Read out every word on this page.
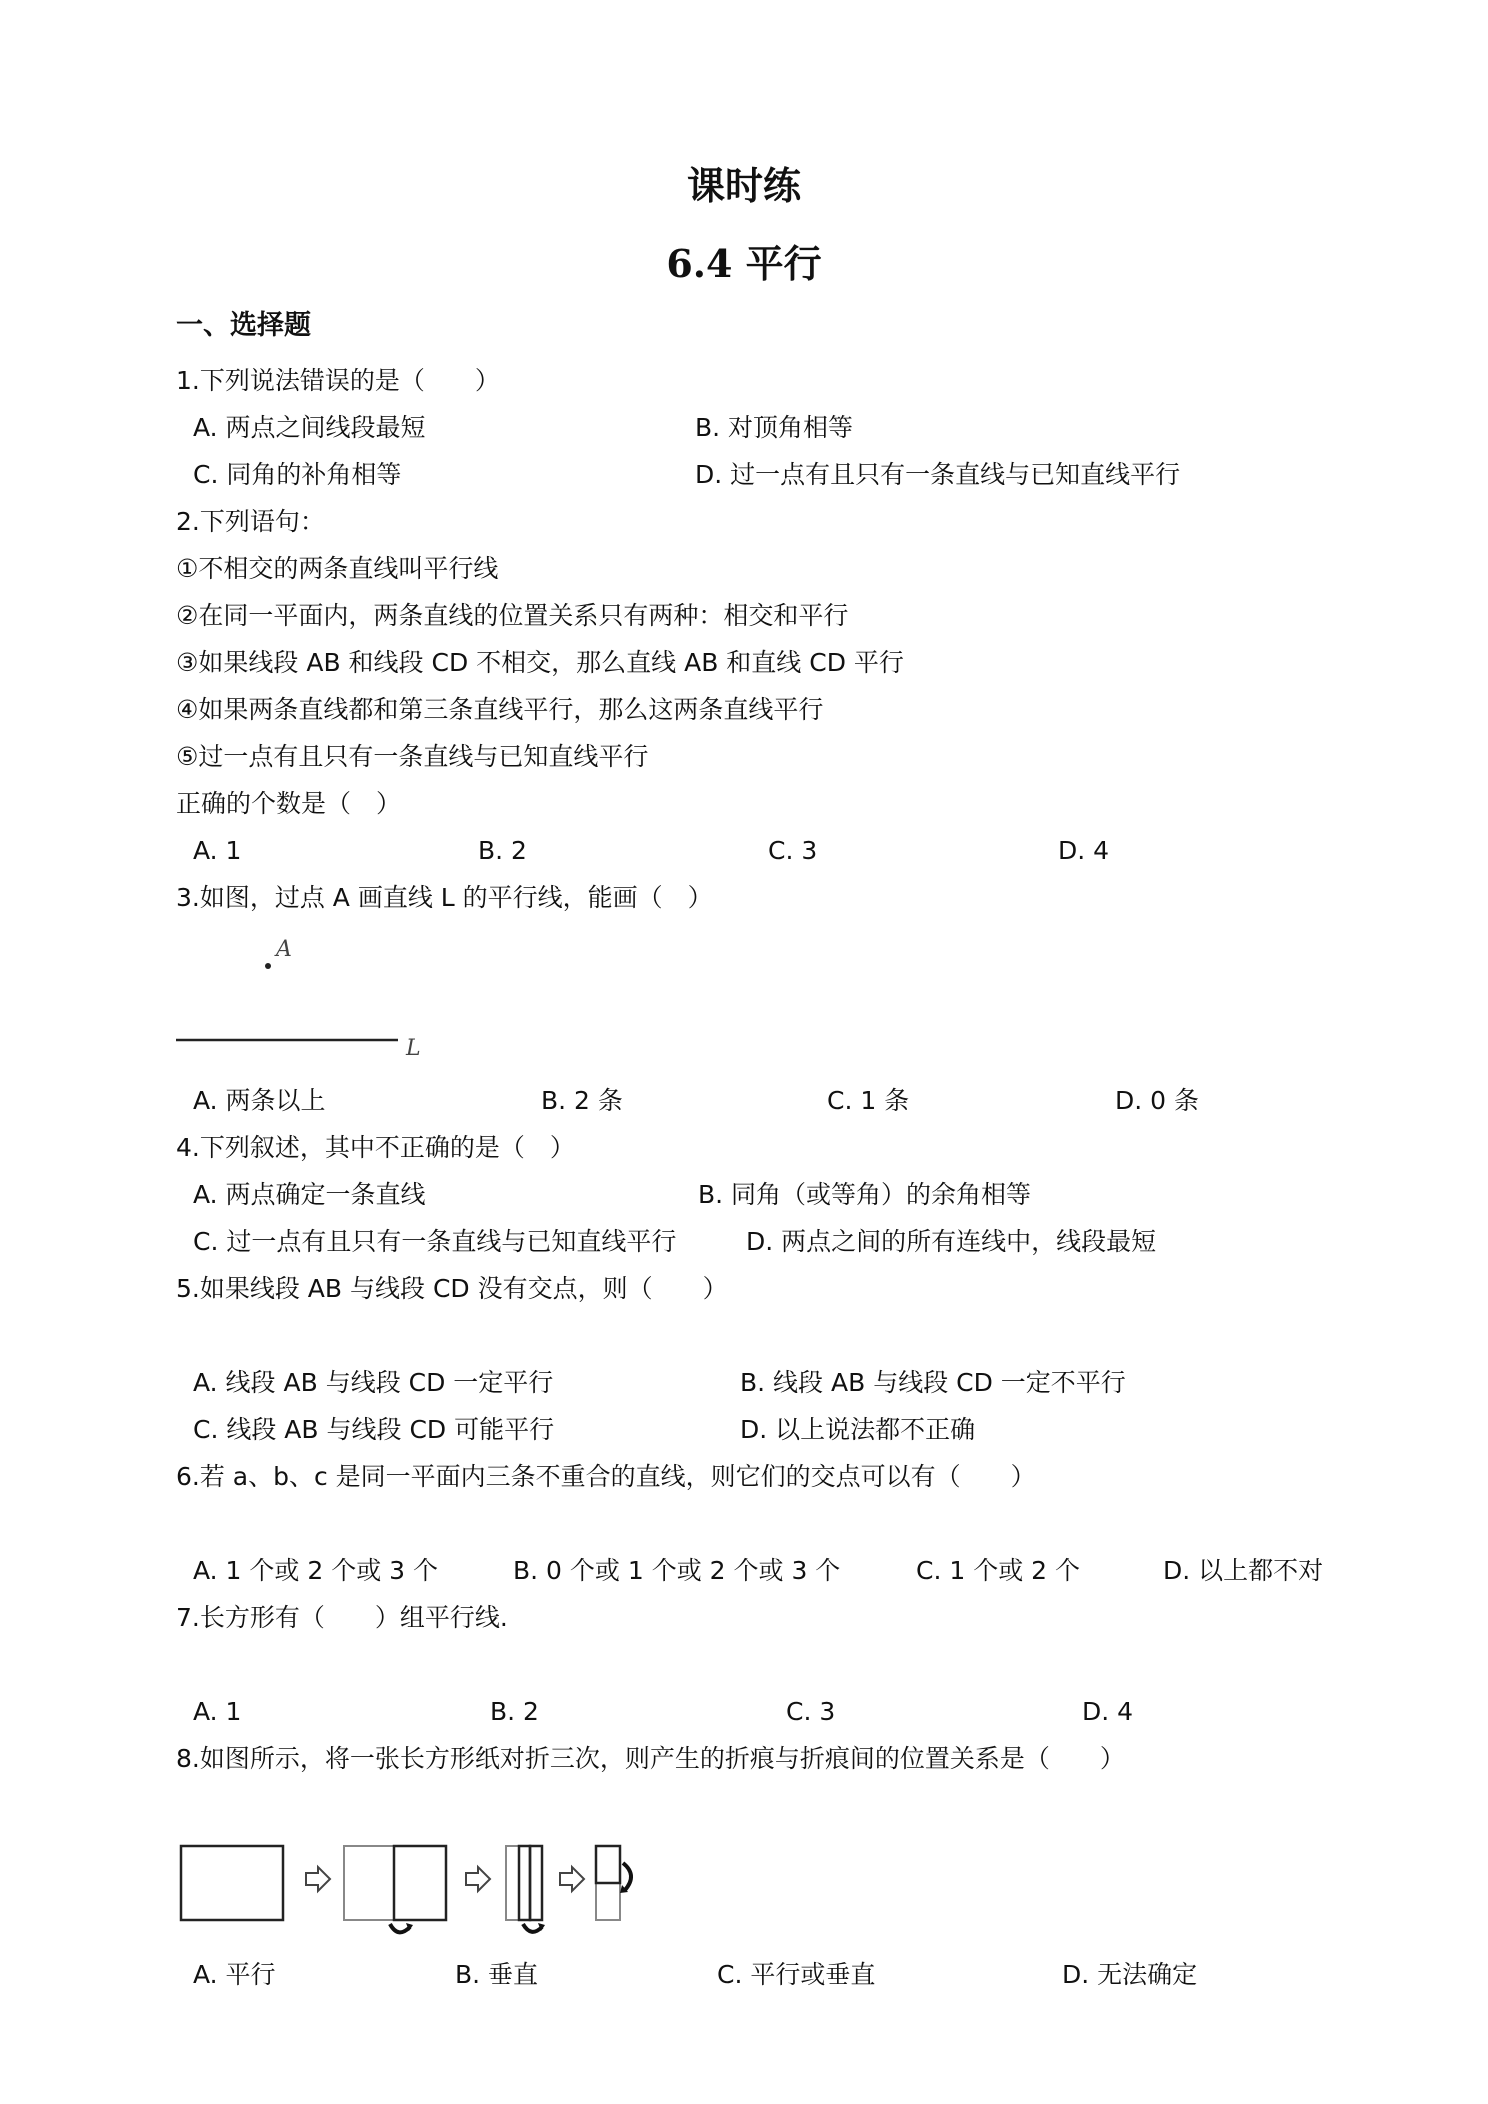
课时练
6.4 平行
一、选择题
1.下列说法错误的是（　　）
A. 两点之间线段最短	B. 对顶角相等
C. 同角的补角相等	D. 过一点有且只有一条直线与已知直线平行
2.下列语句：
①不相交的两条直线叫平行线
②在同一平面内，两条直线的位置关系只有两种：相交和平行
③如果线段 AB 和线段 CD 不相交，那么直线 AB 和直线 CD 平行
④如果两条直线都和第三条直线平行，那么这两条直线平行
⑤过一点有且只有一条直线与已知直线平行
正确的个数是（　）
A. 1	B. 2	C. 3	D. 4
3.如图，过点 A 画直线 L 的平行线，能画（　）
A
L
A. 两条以上	B. 2 条	C. 1 条	D. 0 条
4.下列叙述，其中不正确的是（　）
A. 两点确定一条直线	B. 同角（或等角）的余角相等
C. 过一点有且只有一条直线与已知直线平行	D. 两点之间的所有连线中，线段最短
5.如果线段 AB 与线段 CD 没有交点，则（　　）
A. 线段 AB 与线段 CD 一定平行	B. 线段 AB 与线段 CD 一定不平行
C. 线段 AB 与线段 CD 可能平行	D. 以上说法都不正确
6.若 a、b、c 是同一平面内三条不重合的直线，则它们的交点可以有（　　）
A. 1 个或 2 个或 3 个	B. 0 个或 1 个或 2 个或 3 个	C. 1 个或 2 个	D. 以上都不对
7.长方形有（　　）组平行线.
A. 1	B. 2	C. 3	D. 4
8.如图所示，将一张长方形纸对折三次，则产生的折痕与折痕间的位置关系是（　　）
A. 平行	B. 垂直	C. 平行或垂直	D. 无法确定
